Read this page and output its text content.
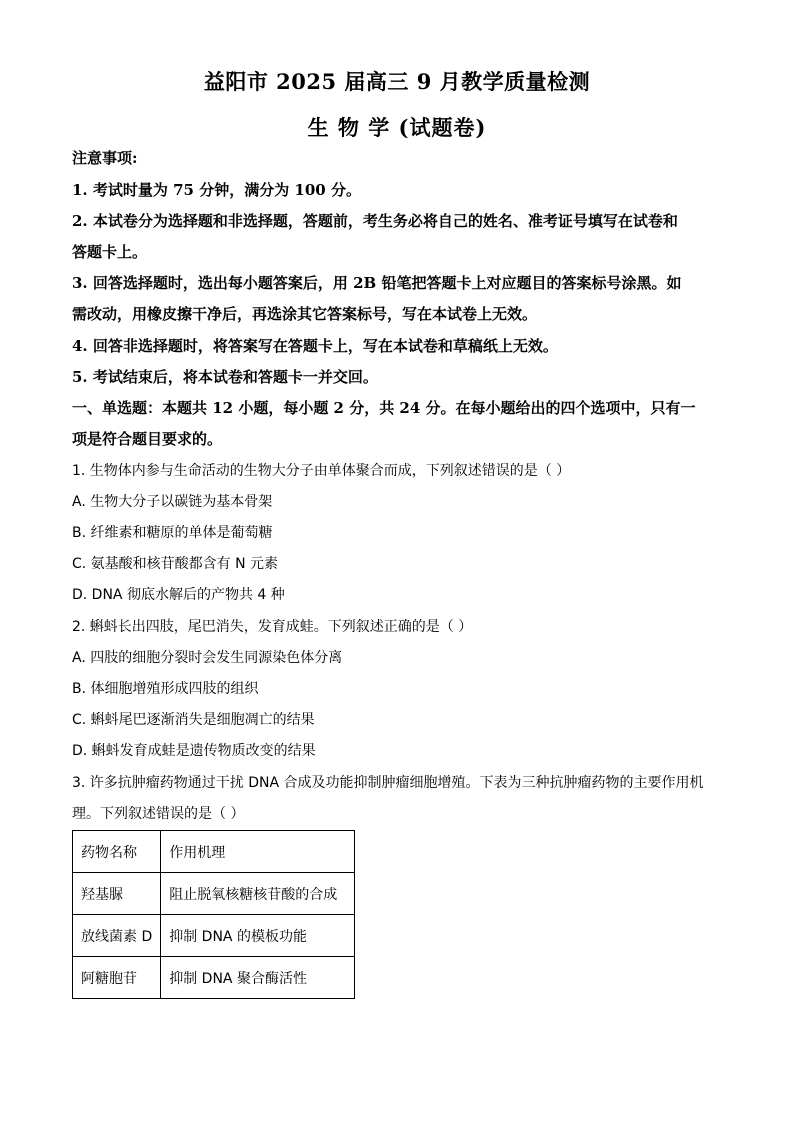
益阳市 2025 届高三 9 月教学质量检测
生 物 学 (试题卷)
注意事项:
1. 考试时量为 75 分钟，满分为 100 分。
2. 本试卷分为选择题和非选择题，答题前，考生务必将自己的姓名、准考证号填写在试卷和
答题卡上。
3. 回答选择题时，选出每小题答案后，用 2B 铅笔把答题卡上对应题目的答案标号涂黑。如
需改动，用橡皮擦干净后，再选涂其它答案标号，写在本试卷上无效。
4. 回答非选择题时，将答案写在答题卡上，写在本试卷和草稿纸上无效。
5. 考试结束后，将本试卷和答题卡一并交回。
一、单选题：本题共 12 小题，每小题 2 分，共 24 分。在每小题给出的四个选项中，只有一
项是符合题目要求的。
1. 生物体内参与生命活动的生物大分子由单体聚合而成，下列叙述错误的是（ ）
A. 生物大分子以碳链为基本骨架
B. 纤维素和糖原的单体是葡萄糖
C. 氨基酸和核苷酸都含有 N 元素
D. DNA 彻底水解后的产物共 4 种
2. 蝌蚪长出四肢，尾巴消失，发育成蛙。下列叙述正确的是（ ）
A. 四肢的细胞分裂时会发生同源染色体分离
B. 体细胞增殖形成四肢的组织
C. 蝌蚪尾巴逐渐消失是细胞凋亡的结果
D. 蝌蚪发育成蛙是遗传物质改变的结果
3. 许多抗肿瘤药物通过干扰 DNA 合成及功能抑制肿瘤细胞增殖。下表为三种抗肿瘤药物的主要作用机
理。下列叙述错误的是（ ）
药物名称	作用机理
羟基脲	阻止脱氧核糖核苷酸的合成
放线菌素 D	抑制 DNA 的模板功能
阿糖胞苷	抑制 DNA 聚合酶活性
